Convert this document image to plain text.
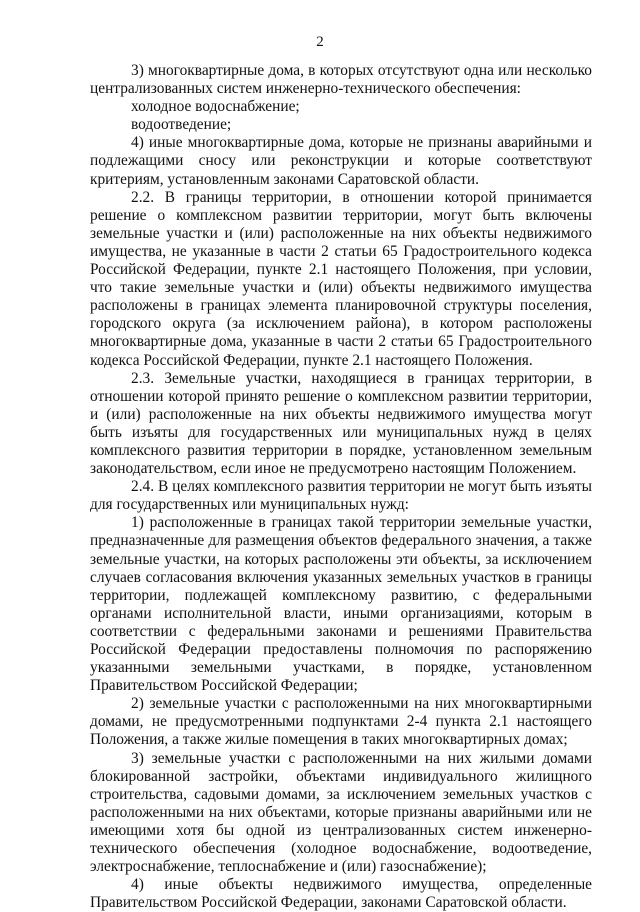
2

3) многоквартирные дома, в которых отсутствуют одна или несколько централизованных систем инженерно-технического обеспечения:

холодное водоснабжение;

водоотведение;

4) иные многоквартирные дома, которые не признаны аварийными и подлежащими сносу или реконструкции и которые соответствуют критериям, установленным законами Саратовской области.

2.2. В границы территории, в отношении которой принимается решение о комплексном развитии территории, могут быть включены земельные участки и (или) расположенные на них объекты недвижимого имущества, не указанные в части 2 статьи 65 Градостроительного кодекса Российской Федерации, пункте 2.1 настоящего Положения, при условии, что такие земельные участки и (или) объекты недвижимого имущества расположены в границах элемента планировочной структуры поселения, городского округа (за исключением района), в котором расположены многоквартирные дома, указанные в части 2 статьи 65 Градостроительного кодекса Российской Федерации, пункте 2.1 настоящего Положения.

2.3. Земельные участки, находящиеся в границах территории, в отношении которой принято решение о комплексном развитии территории, и (или) расположенные на них объекты недвижимого имущества могут быть изъяты для государственных или муниципальных нужд в целях комплексного развития территории в порядке, установленном земельным законодательством, если иное не предусмотрено настоящим Положением.

2.4. В целях комплексного развития территории не могут быть изъяты для государственных или муниципальных нужд:

1) расположенные в границах такой территории земельные участки, предназначенные для размещения объектов федерального значения, а также земельные участки, на которых расположены эти объекты, за исключением случаев согласования включения указанных земельных участков в границы территории, подлежащей комплексному развитию, с федеральными органами исполнительной власти, иными организациями, которым в соответствии с федеральными законами и решениями Правительства Российской Федерации предоставлены полномочия по распоряжению указанными земельными участками, в порядке, установленном Правительством Российской Федерации;

2) земельные участки с расположенными на них многоквартирными домами, не предусмотренными подпунктами 2-4 пункта 2.1 настоящего Положения, а также жилые помещения в таких многоквартирных домах;

3) земельные участки с расположенными на них жилыми домами блокированной застройки, объектами индивидуального жилищного строительства, садовыми домами, за исключением земельных участков с расположенными на них объектами, которые признаны аварийными или не имеющими хотя бы одной из централизованных систем инженерно-технического обеспечения (холодное водоснабжение, водоотведение, электроснабжение, теплоснабжение и (или) газоснабжение);

4) иные объекты недвижимого имущества, определенные Правительством Российской Федерации, законами Саратовской области.
